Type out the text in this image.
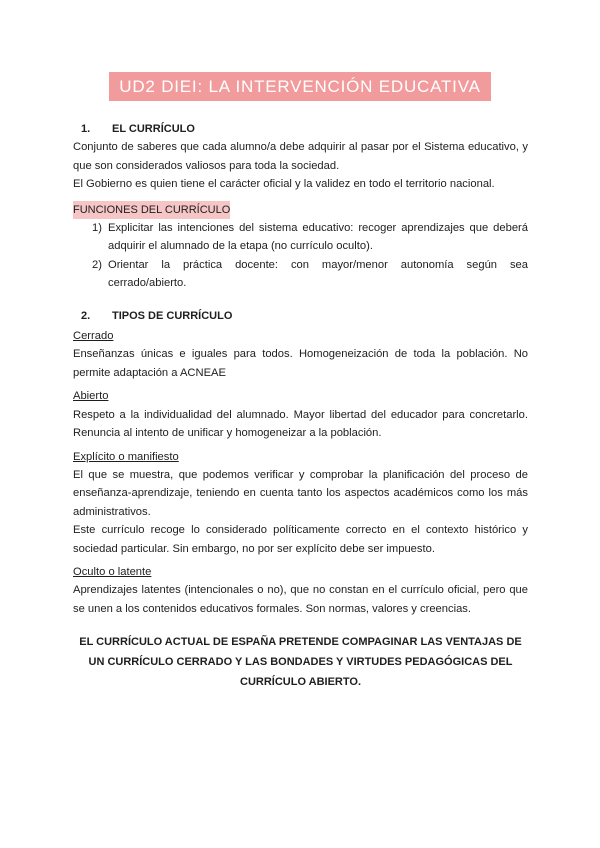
UD2 DIEI: LA INTERVENCIÓN EDUCATIVA
1. EL CURRÍCULO

Conjunto de saberes que cada alumno/a debe adquirir al pasar por el Sistema educativo, y que son considerados valiosos para toda la sociedad.

El Gobierno es quien tiene el carácter oficial y la validez en todo el territorio nacional.

FUNCIONES DEL CURRÍCULO
1) Explicitar las intenciones del sistema educativo: recoger aprendizajes que deberá adquirir el alumnado de la etapa (no currículo oculto).
2) Orientar la práctica docente: con mayor/menor autonomía según sea cerrado/abierto.
2. TIPOS DE CURRÍCULO
Cerrado

Enseñanzas únicas e iguales para todos. Homogeneización de toda la población. No permite adaptación a ACNEAE

Abierto

Respeto a la individualidad del alumnado. Mayor libertad del educador para concretarlo. Renuncia al intento de unificar y homogeneizar a la población.

Explícito o manifiesto

El que se muestra, que podemos verificar y comprobar la planificación del proceso de enseñanza-aprendizaje, teniendo en cuenta tanto los aspectos académicos como los más administrativos.

Este currículo recoge lo considerado políticamente correcto en el contexto histórico y sociedad particular. Sin embargo, no por ser explícito debe ser impuesto.

Oculto o latente

Aprendizajes latentes (intencionales o no), que no constan en el currículo oficial, pero que se unen a los contenidos educativos formales. Son normas, valores y creencias.

EL CURRÍCULO ACTUAL DE ESPAÑA PRETENDE COMPAGINAR LAS VENTAJAS DE UN CURRÍCULO CERRADO Y LAS BONDADES Y VIRTUDES PEDAGÓGICAS DEL CURRÍCULO ABIERTO.
